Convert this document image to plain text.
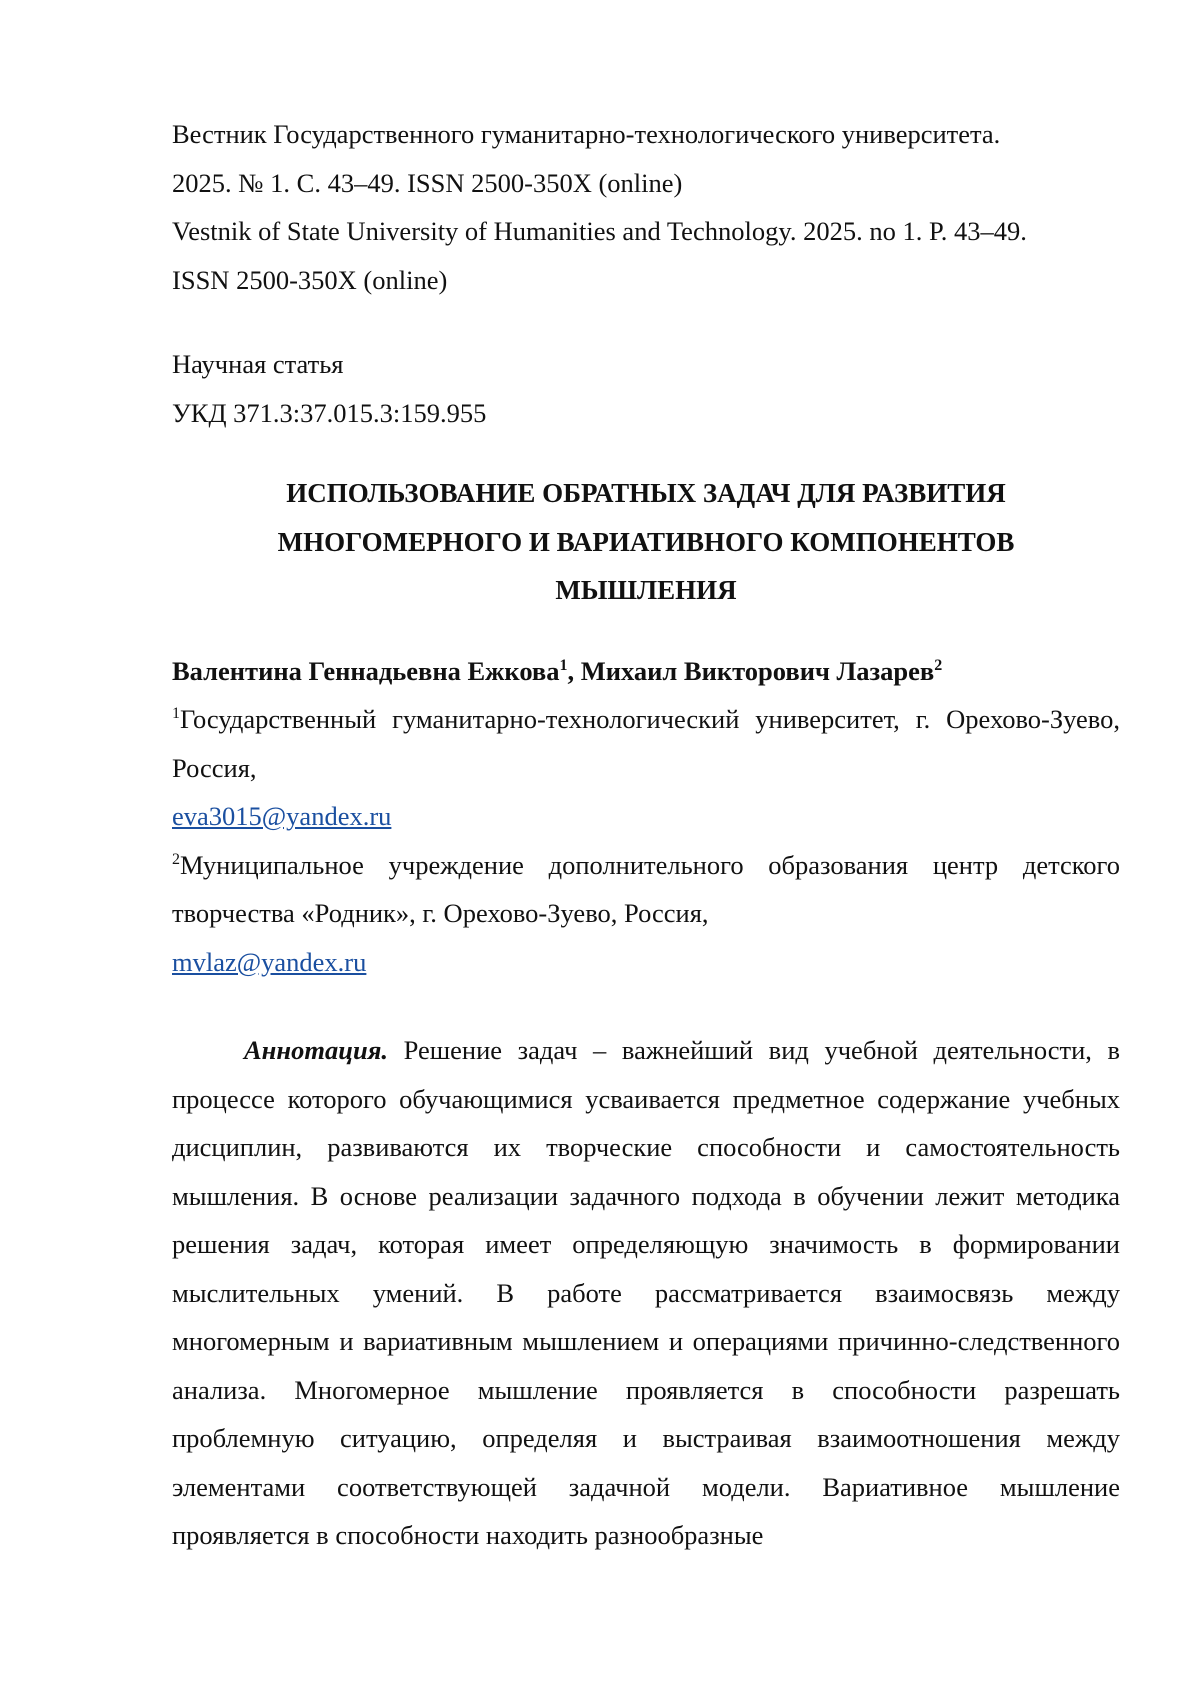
Вестник Государственного гуманитарно-технологического университета.

2025. № 1. С. 43–49. ISSN 2500-350X (online)

Vestnik of State University of Humanities and Technology. 2025. no 1. P. 43–49.

ISSN 2500-350X (online)

Научная статья

УКД 371.3:37.015.3:159.955

ИСПОЛЬЗОВАНИЕ ОБРАТНЫХ ЗАДАЧ ДЛЯ РАЗВИТИЯ

МНОГОМЕРНОГО И ВАРИАТИВНОГО КОМПОНЕНТОВ

МЫШЛЕНИЯ

Валентина Геннадьевна Ежкова$^1$, Михаил Викторович Лазарев$^2$

$^1$Государственный гуманитарно-технологический университет, г. Орехово-Зуево, Россия,

eva3015@yandex.ru

$^2$Муниципальное учреждение дополнительного образования центр детского творчества «Родник», г. Орехово-Зуево, Россия,

mvlaz@yandex.ru

Аннотация. Решение задач – важнейший вид учебной деятельности, в процессе которого обучающимися усваивается предметное содержание учебных дисциплин, развиваются их творческие способности и самостоятельность мышления. В основе реализации задачного подхода в обучении лежит методика решения задач, которая имеет определяющую значимость в формировании мыслительных умений. В работе рассматривается взаимосвязь между многомерным и вариативным мышлением и операциями причинно-следственного анализа. Многомерное мышление проявляется в способности разрешать проблемную ситуацию, определяя и выстраивая взаимоотношения между элементами соответствующей задачной модели. Вариативное мышление проявляется в способности находить разнообразные
